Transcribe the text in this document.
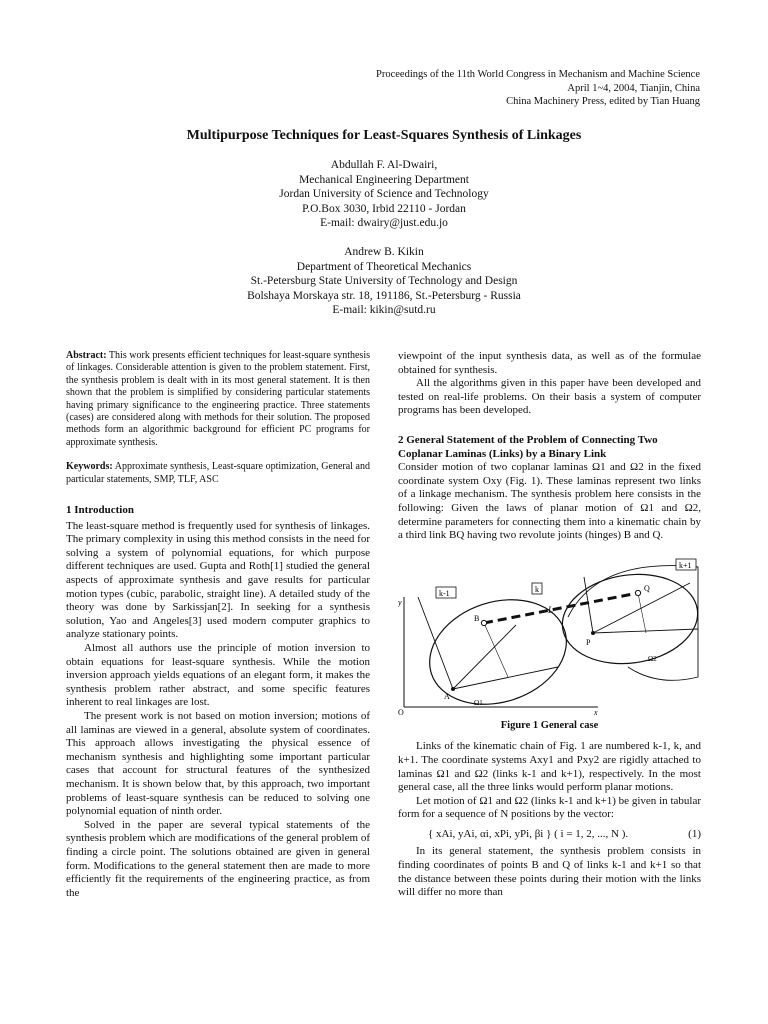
Proceedings of the 11th World Congress in Mechanism and Machine Science
April 1~4, 2004, Tianjin, China
China Machinery Press, edited by Tian Huang
Multipurpose Techniques for Least-Squares Synthesis of Linkages
Abdullah F. Al-Dwairi,
Mechanical Engineering Department
Jordan University of Science and Technology
P.O.Box 3030, Irbid 22110 - Jordan
E-mail: dwairy@just.edu.jo
Andrew B. Kikin
Department of Theoretical Mechanics
St.-Petersburg State University of Technology and Design
Bolshaya Morskaya str. 18, 191186, St.-Petersburg - Russia
E-mail: kikin@sutd.ru

Abstract: This work presents efficient techniques for least-square synthesis of linkages. Considerable attention is given to the problem statement. First, the synthesis problem is dealt with in its most general statement. It is then shown that the problem is simplified by considering particular statements having primary significance to the engineering practice. Three statements (cases) are considered along with methods for their solution. The proposed methods form an algorithmic background for efficient PC programs for approximate synthesis.

Keywords: Approximate synthesis, Least-square optimization, General and particular statements, SMP, TLF, ASC

1 Introduction

The least-square method is frequently used for synthesis of linkages. The primary complexity in using this method consists in the need for solving a system of polynomial equations, for which purpose different techniques are used. Gupta and Roth[1] studied the general aspects of approximate synthesis and gave results for particular motion types (cubic, parabolic, straight line). A detailed study of the theory was done by Sarkissjan[2]. In seeking for a synthesis solution, Yao and Angeles[3] used modern computer graphics to analyze stationary points.

Almost all authors use the principle of motion inversion to obtain equations for least-square synthesis. While the motion inversion approach yields equations of an elegant form, it makes the synthesis problem rather abstract, and some specific features inherent to real linkages are lost.

The present work is not based on motion inversion; motions of all laminas are viewed in a general, absolute system of coordinates. This approach allows investigating the physical essence of mechanism synthesis and highlighting some important particular cases that account for structural features of the synthesized mechanism. It is shown below that, by this approach, two important problems of least-square synthesis can be reduced to solving one polynomial equation of ninth order.

Solved in the paper are several typical statements of the synthesis problem which are modifications of the general problem of finding a circle point. The solutions obtained are given in general form. Modifications to the general statement then are made to more efficiently fit the requirements of the engineering practice, as from the

viewpoint of the input synthesis data, as well as of the formulae obtained for synthesis.

All the algorithms given in this paper have been developed and tested on real-life problems. On their basis a system of computer programs has been developed.

2 General Statement of the Problem of Connecting Two Coplanar Laminas (Links) by a Binary Link

Consider motion of two coplanar laminas Ω1 and Ω2 in the fixed coordinate system Oxy (Fig. 1). These laminas represent two links of a linkage mechanism. The synthesis problem here consists in the following: Given the laws of planar motion of Ω1 and Ω2, determine parameters for connecting them into a kinematic chain by a third link BQ having two revolute joints (hinges) B and Q.

k-1	k
k+1
B
Q
A
P
O
L
y
x
Ω1
Ω2
Figure 1 General case

Links of the kinematic chain of Fig. 1 are numbered k-1, k, and k+1. The coordinate systems Axy1 and Pxy2 are rigidly attached to laminas Ω1 and Ω2 (links k-1 and k+1), respectively. In the most general case, all the three links would perform planar motions.

Let motion of Ω1 and Ω2 (links k-1 and k+1) be given in tabular form for a sequence of N positions by the vector:

{ xAi, yAi, αi, xPi, yPi, βi } ( i = 1, 2, ..., N ).	(1)

In its general statement, the synthesis problem consists in finding coordinates of points B and Q of links k-1 and k+1 so that the distance between these points during their motion with the links will differ no more than
